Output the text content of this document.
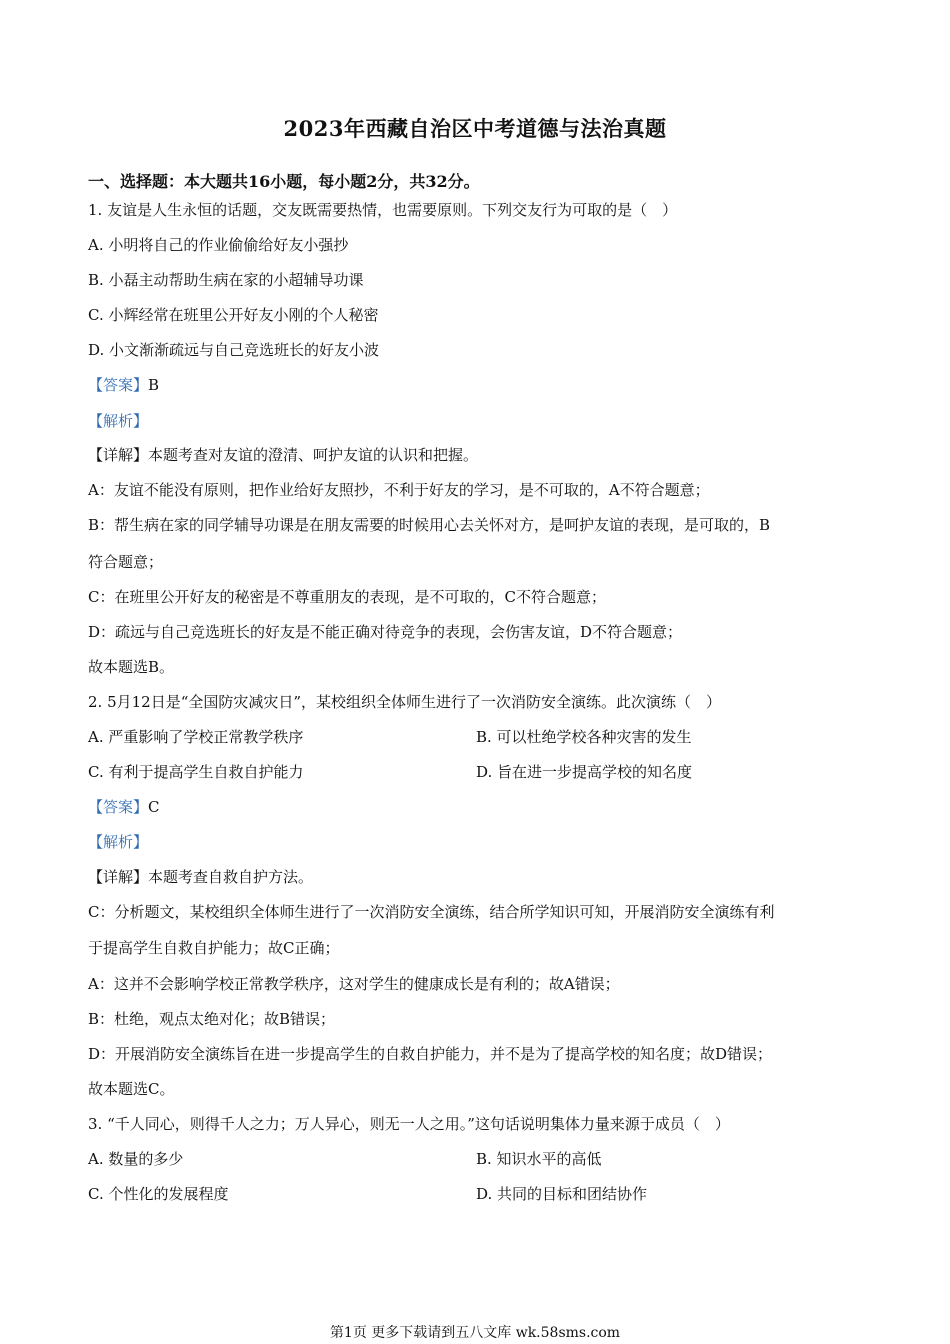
2023年西藏自治区中考道德与法治真题
一、选择题：本大题共16小题，每小题2分，共32分。
1. 友谊是人生永恒的话题，交友既需要热情，也需要原则。下列交友行为可取的是（　）
A. 小明将自己的作业偷偷给好友小强抄
B. 小磊主动帮助生病在家的小超辅导功课
C. 小辉经常在班里公开好友小刚的个人秘密
D. 小文渐渐疏远与自己竞选班长的好友小波
【答案】B
【解析】
【详解】本题考查对友谊的澄清、呵护友谊的认识和把握。
A：友谊不能没有原则，把作业给好友照抄，不利于好友的学习，是不可取的，A不符合题意；
B：帮生病在家的同学辅导功课是在朋友需要的时候用心去关怀对方，是呵护友谊的表现，是可取的，B
符合题意；
C：在班里公开好友的秘密是不尊重朋友的表现，是不可取的，C不符合题意；
D：疏远与自己竞选班长的好友是不能正确对待竞争的表现，会伤害友谊，D不符合题意；
故本题选B。
2. 5月12日是“全国防灾减灾日”，某校组织全体师生进行了一次消防安全演练。此次演练（　）
A. 严重影响了学校正常教学秩序	B. 可以杜绝学校各种灾害的发生
C. 有利于提高学生自救自护能力	D. 旨在进一步提高学校的知名度
【答案】C
【解析】
【详解】本题考查自救自护方法。
C：分析题文，某校组织全体师生进行了一次消防安全演练，结合所学知识可知，开展消防安全演练有利
于提高学生自救自护能力；故C正确；
A：这并不会影响学校正常教学秩序，这对学生的健康成长是有利的；故A错误；
B：杜绝，观点太绝对化；故B错误；
D：开展消防安全演练旨在进一步提高学生的自救自护能力，并不是为了提高学校的知名度；故D错误；
故本题选C。
3. “千人同心，则得千人之力；万人异心，则无一人之用。”这句话说明集体力量来源于成员（　）
A. 数量的多少	B. 知识水平的高低
C. 个性化的发展程度	D. 共同的目标和团结协作
第1页 更多下载请到五八文库 wk.58sms.com
